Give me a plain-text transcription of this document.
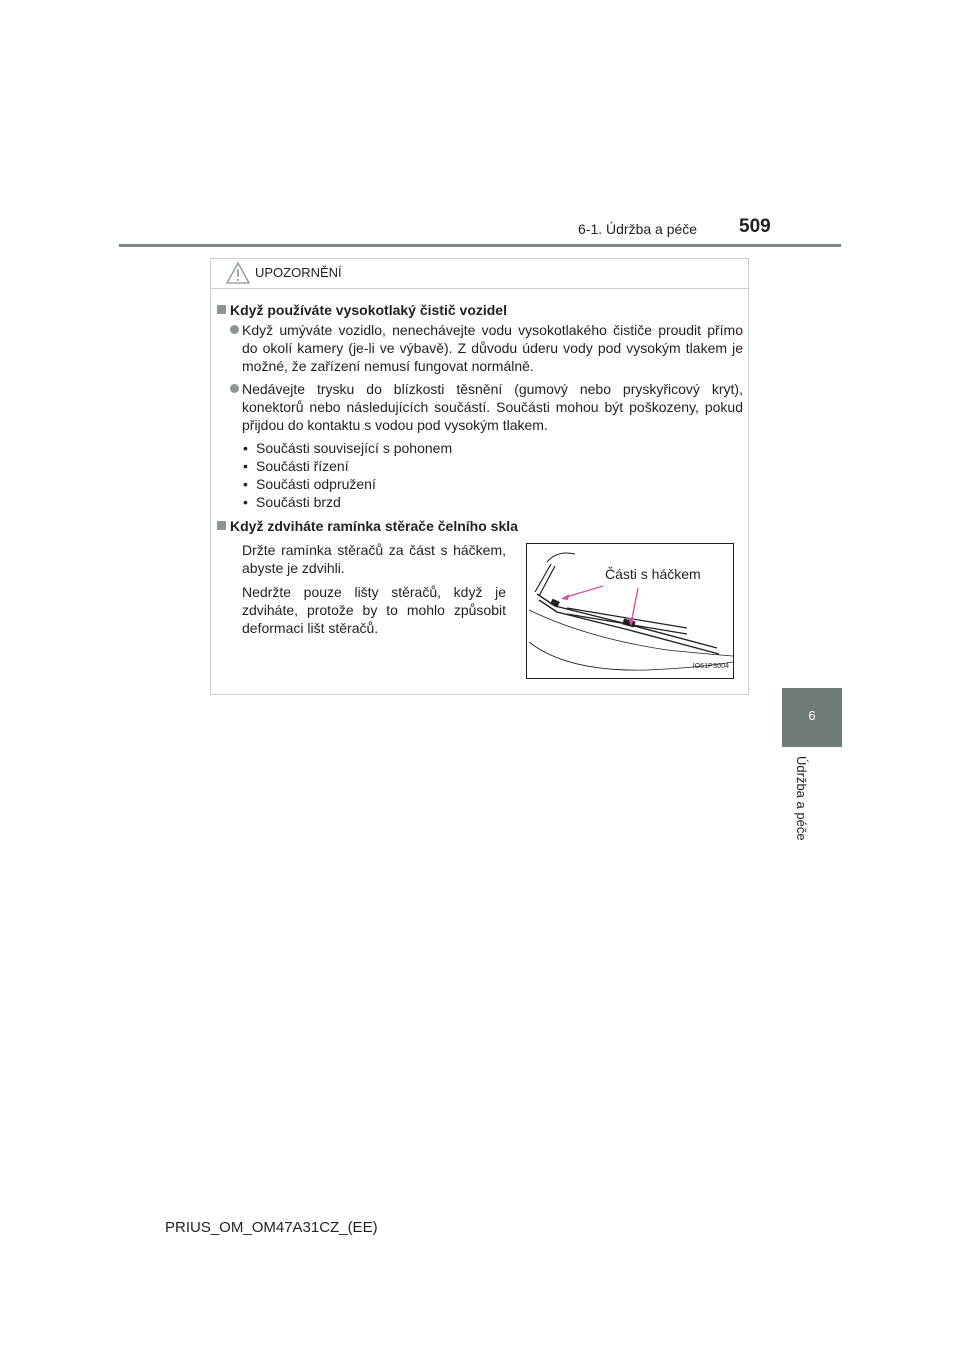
6-1. Údržba a péče 509
6
Údržba a péče
UPOZORNĚNÍ
Když používáte vysokotlaký čistič vozidel
Když umýváte vozidlo, nenechávejte vodu vysokotlakého čističe proudit přímo do okolí kamery (je-li ve výbavě). Z důvodu úderu vody pod vysokým tlakem je možné, že zařízení nemusí fungovat normálně.
Nedávejte trysku do blízkosti těsnění (gumový nebo pryskyřicový kryt), konektorů nebo následujících součástí. Součásti mohou být poškozeny, pokud přijdou do kontaktu s vodou pod vysokým tlakem.
• Součásti související s pohonem
• Součásti řízení
• Součásti odpružení
• Součásti brzd
Když zdviháte ramínka stěrače čelního skla

Držte ramínka stěračů za část s háčkem, abyste je zdvihli.

Nedržte pouze lišty stěračů, když je zdviháte, protože by to mohlo způsobit deformaci lišt stěračů.

Části s háčkem
IO61PS004
PRIUS_OM_OM47A31CZ_(EE)
